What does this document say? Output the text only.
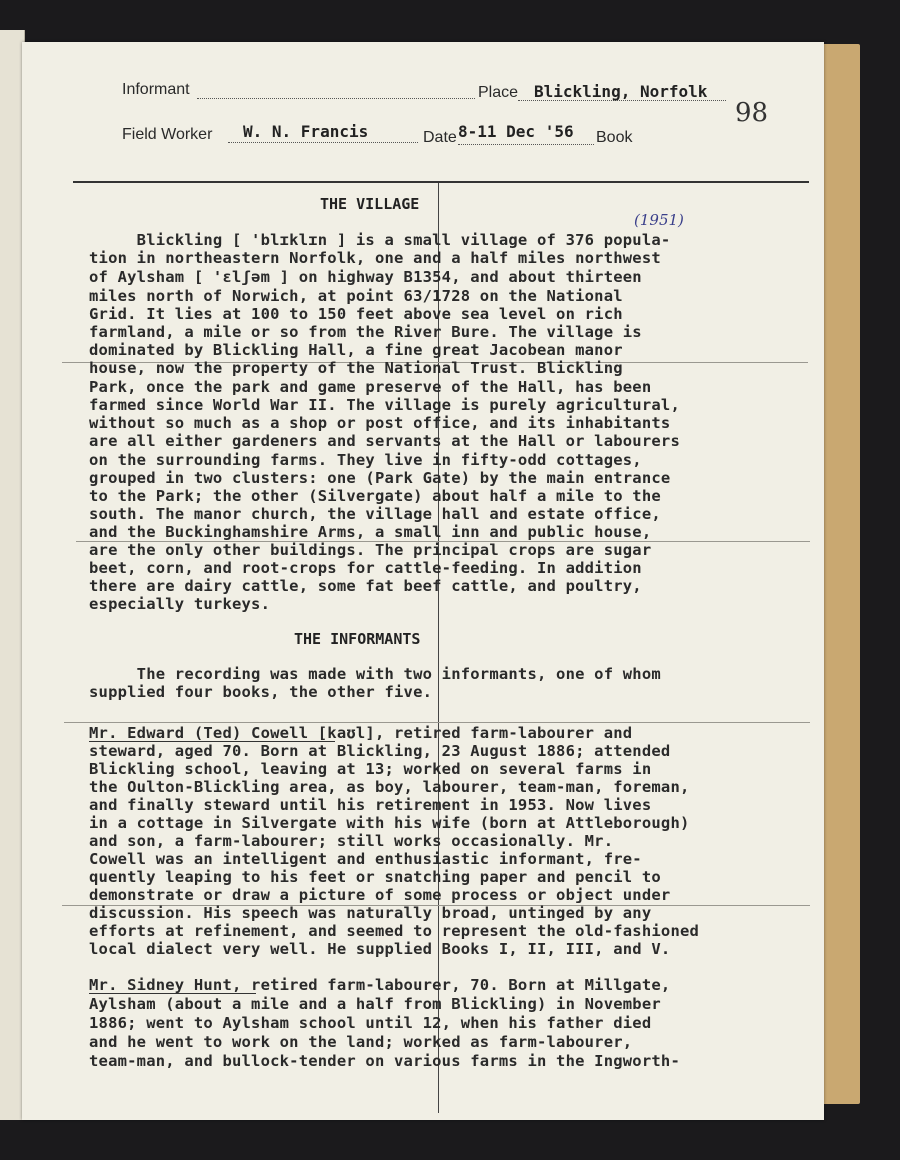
Informant	Place Blickling, Norfolk
Field Worker W. N. Francis	Date 8-11 Dec '56 Book
98
THE VILLAGE
THE INFORMANTS
(1951)
Blickling [ 'blɪklɪn ] is a small village of 376 popula-
tion in northeastern Norfolk, one and a half miles northwest
of Aylsham [ 'ɛlʃəm ] on highway B1354, and about thirteen
miles north of Norwich, at point 63/1728 on the National
Grid. It lies at 100 to 150 feet above sea level on rich
farmland, a mile or so from the River Bure. The village is
dominated by Blickling Hall, a fine great Jacobean manor
house, now the property of the National Trust. Blickling
Park, once the park and game preserve of the Hall, has been
farmed since World War II. The village is purely agricultural,
without so much as a shop or post office, and its inhabitants
are all either gardeners and servants at the Hall or labourers
on the surrounding farms. They live in fifty-odd cottages,
grouped in two clusters: one (Park Gate) by the main entrance
to the Park; the other (Silvergate) about half a mile to the
south. The manor church, the village hall and estate office,
and the Buckinghamshire Arms, a small inn and public house,
are the only other buildings. The principal crops are sugar
beet, corn, and root-crops for cattle-feeding. In addition
there are dairy cattle, some fat beef cattle, and poultry,
especially turkeys.
The recording was made with two informants, one of whom
supplied four books, the other five.
Mr. Edward (Ted) Cowell [kaʊl], retired farm-labourer and
steward, aged 70. Born at Blickling, 23 August 1886; attended
Blickling school, leaving at 13; worked on several farms in
the Oulton-Blickling area, as boy, labourer, team-man, foreman,
and finally steward until his retirement in 1953. Now lives
in a cottage in Silvergate with his wife (born at Attleborough)
and son, a farm-labourer; still works occasionally. Mr.
Cowell was an intelligent and enthusiastic informant, fre-
quently leaping to his feet or snatching paper and pencil to
demonstrate or draw a picture of some process or object under
discussion. His speech was naturally broad, untinged by any
efforts at refinement, and seemed to represent the old-fashioned
local dialect very well. He supplied Books I, II, III, and V.
Mr. Sidney Hunt, retired farm-labourer, 70. Born at Millgate,
Aylsham (about a mile and a half from Blickling) in November
1886; went to Aylsham school until 12, when his father died
and he went to work on the land; worked as farm-labourer,
team-man, and bullock-tender on various farms in the Ingworth-
